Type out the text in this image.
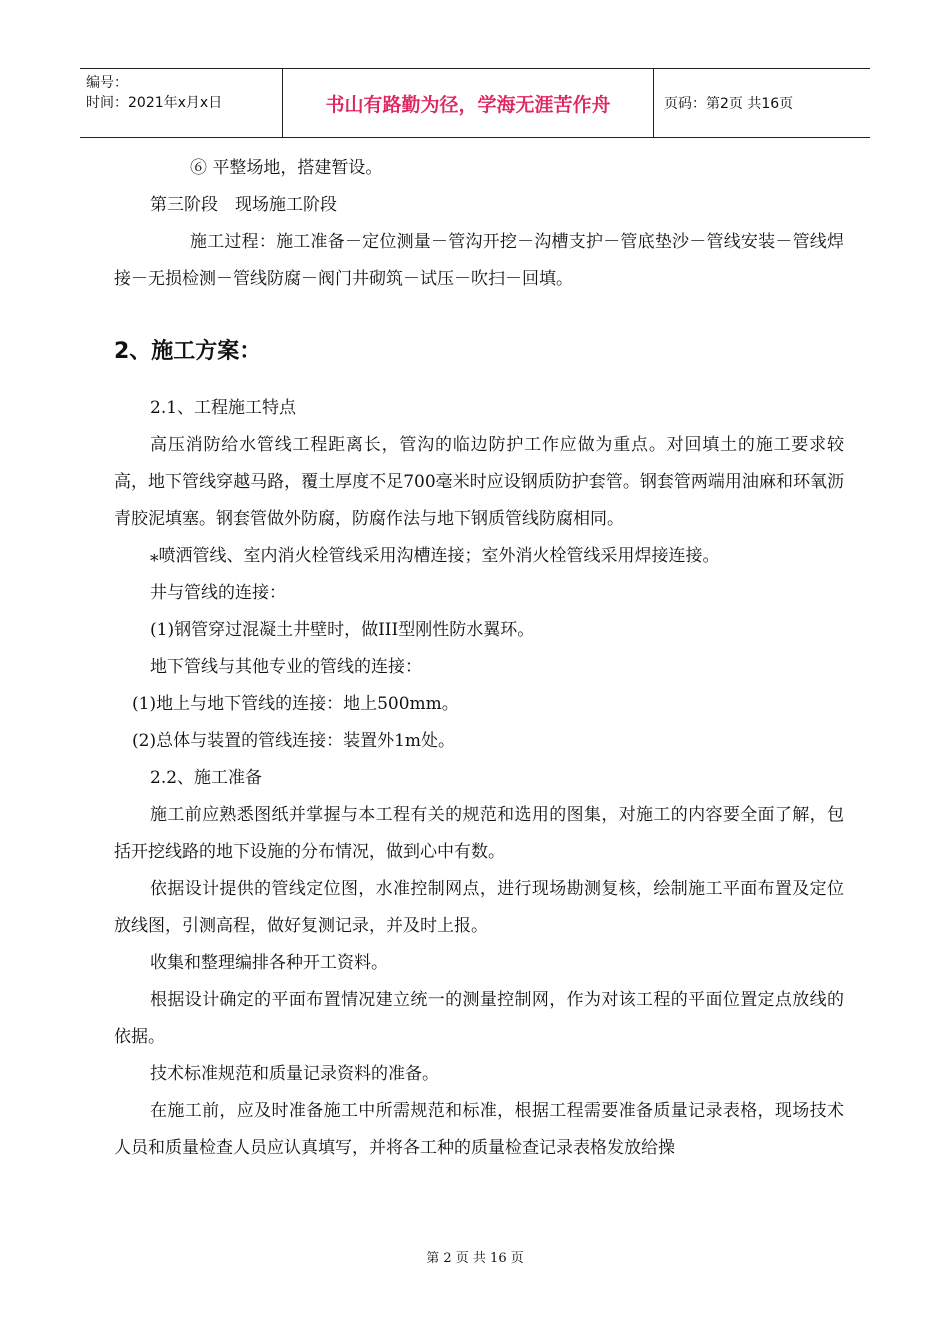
编号：
时间：2021年x月x日	书山有路勤为径，学海无涯苦作舟	页码：第2页 共16页

⑥ 平整场地，搭建暂设。

第三阶段　现场施工阶段

施工过程：施工准备－定位测量－管沟开挖－沟槽支护－管底垫沙－管线安装－管线焊接－无损检测－管线防腐－阀门井砌筑－试压－吹扫－回填。

2、施工方案：

2.1、工程施工特点

高压消防给水管线工程距离长，管沟的临边防护工作应做为重点。对回填土的施工要求较高，地下管线穿越马路，覆土厚度不足700毫米时应设钢质防护套管。钢套管两端用油麻和环氧沥青胶泥填塞。钢套管做外防腐，防腐作法与地下钢质管线防腐相同。

⁎喷洒管线、室内消火栓管线采用沟槽连接；室外消火栓管线采用焊接连接。

井与管线的连接：

(1)钢管穿过混凝土井壁时，做III型刚性防水翼环。

地下管线与其他专业的管线的连接：

(1)地上与地下管线的连接：地上500mm。

(2)总体与装置的管线连接：装置外1m处。

2.2、施工准备

施工前应熟悉图纸并掌握与本工程有关的规范和选用的图集，对施工的内容要全面了解，包括开挖线路的地下设施的分布情况，做到心中有数。

依据设计提供的管线定位图，水准控制网点，进行现场勘测复核，绘制施工平面布置及定位放线图，引测高程，做好复测记录，并及时上报。

收集和整理编排各种开工资料。

根据设计确定的平面布置情况建立统一的测量控制网，作为对该工程的平面位置定点放线的依据。

技术标准规范和质量记录资料的准备。

在施工前，应及时准备施工中所需规范和标准，根据工程需要准备质量记录表格，现场技术人员和质量检查人员应认真填写，并将各工种的质量检查记录表格发放给操

第 2 页 共 16 页
